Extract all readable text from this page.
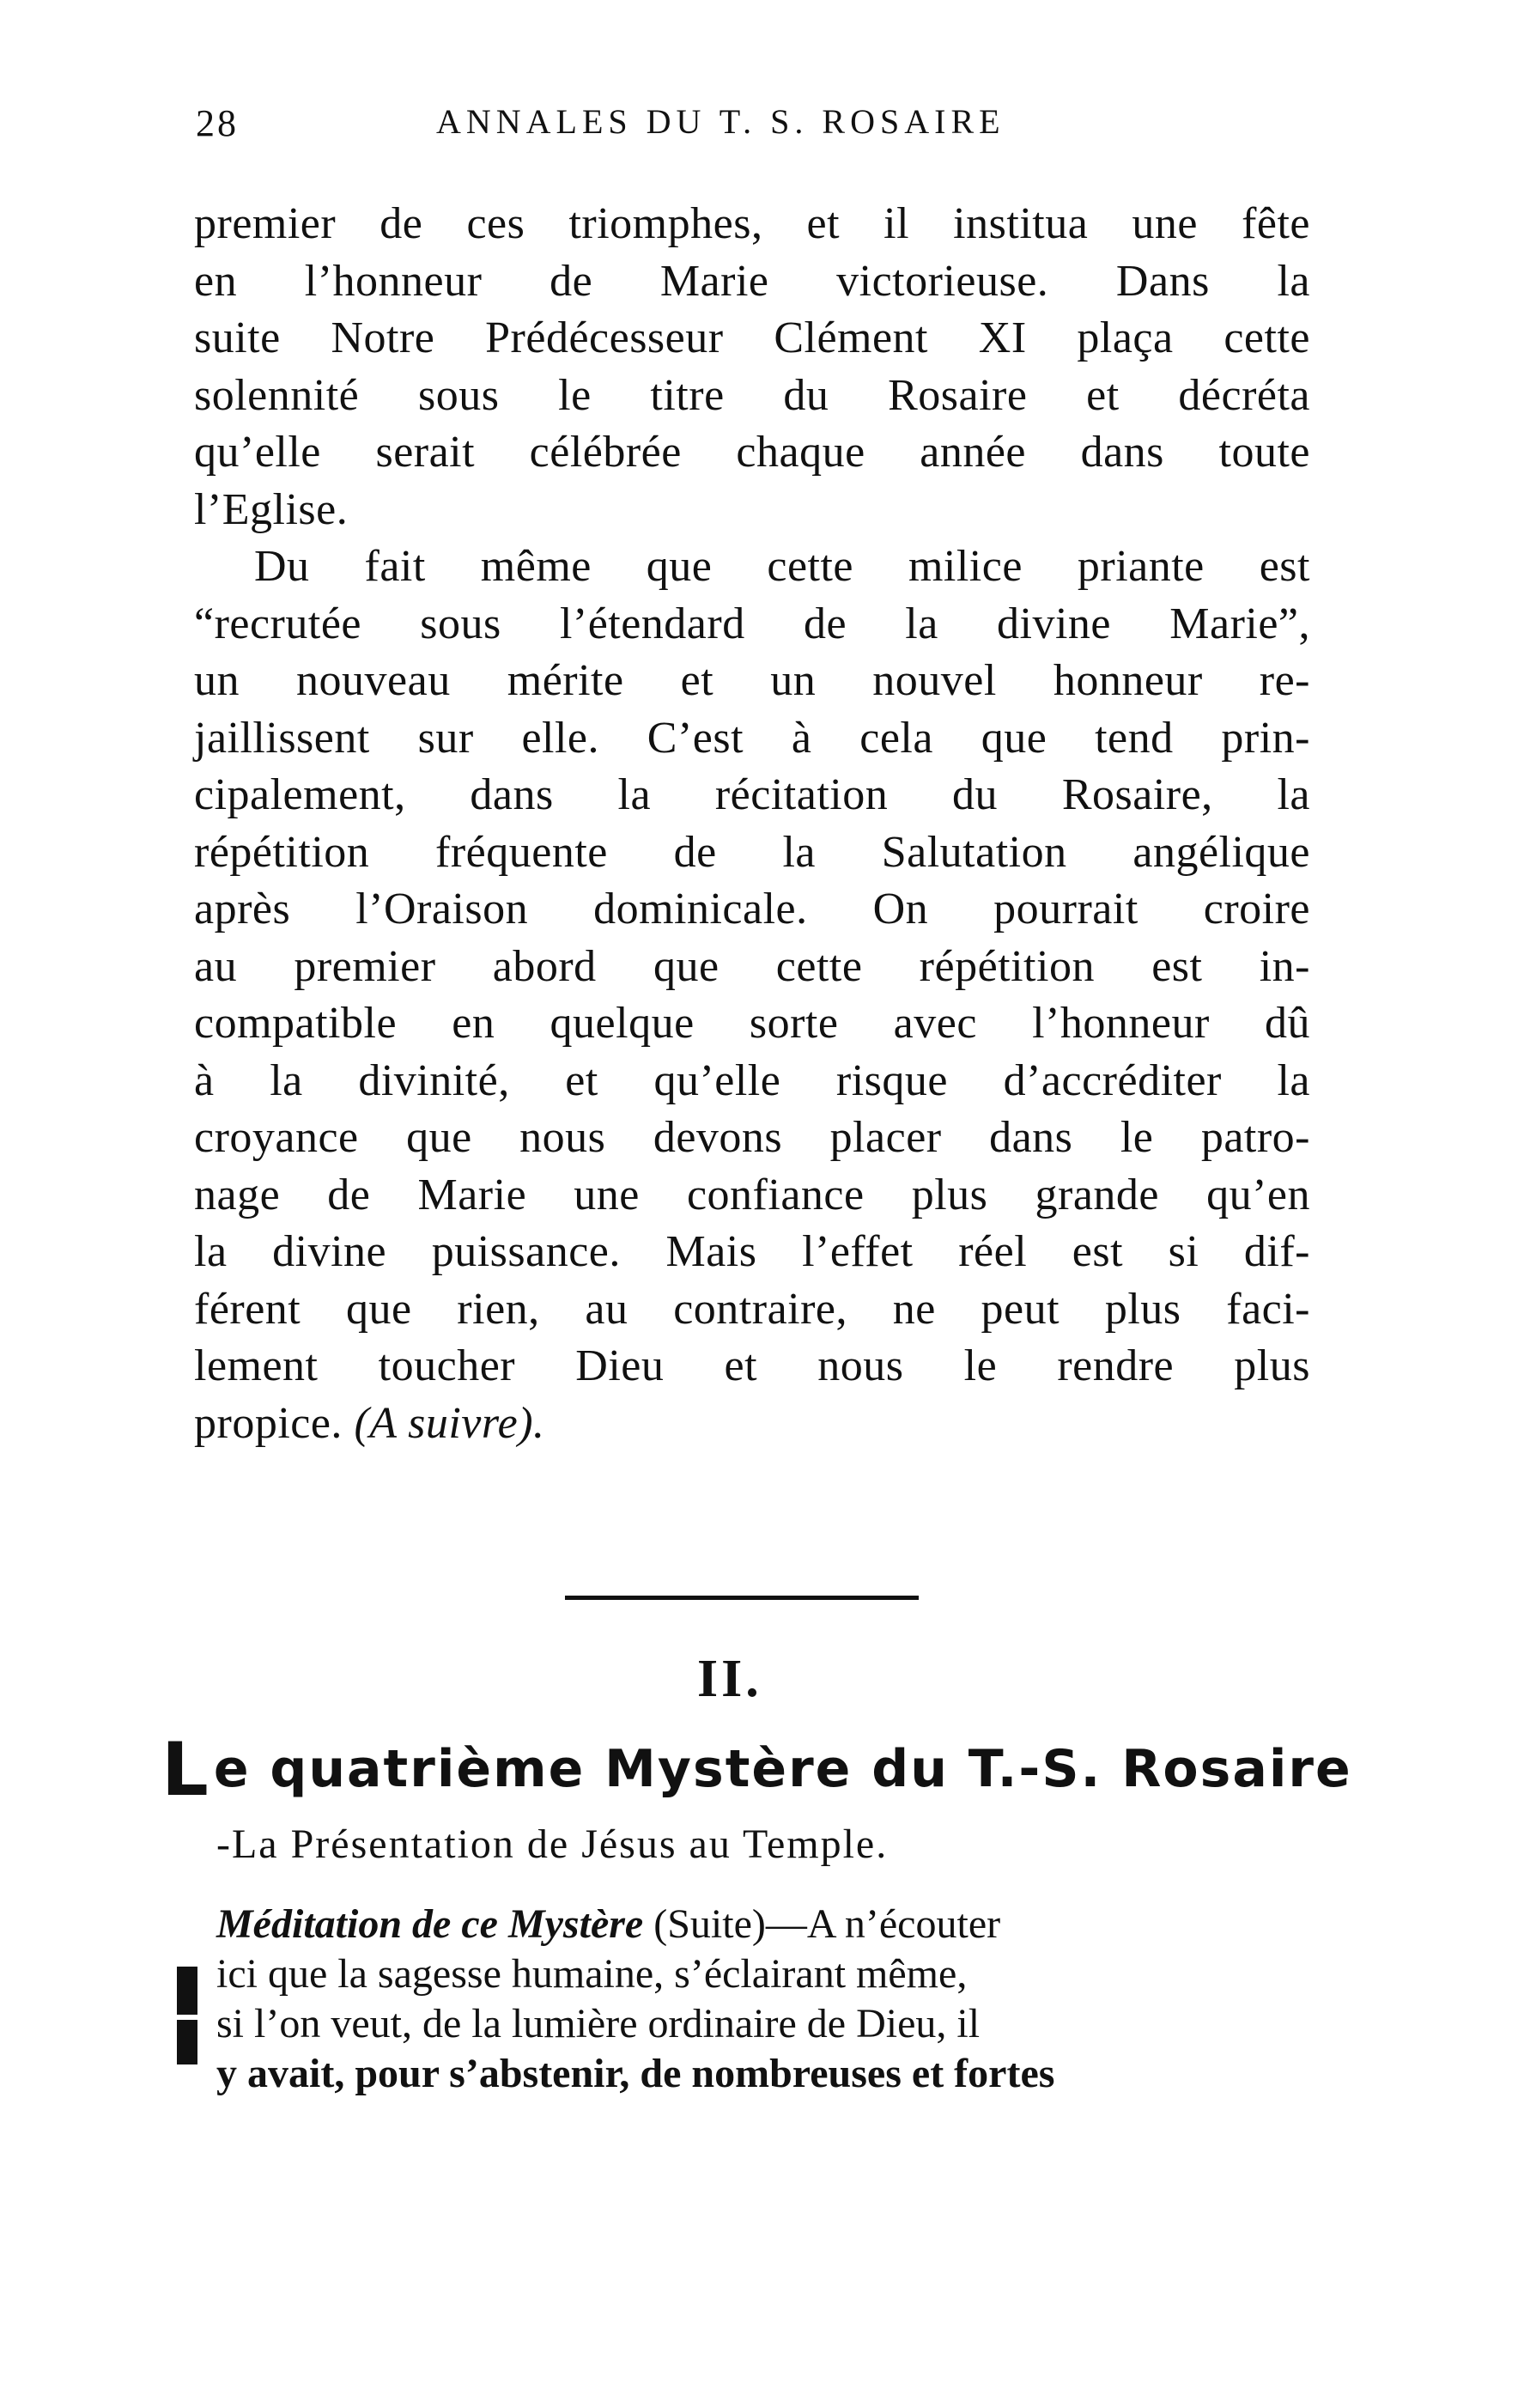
28	ANNALES DU T. S. ROSAIRE
premier de ces triomphes, et il institua une fête
en l’honneur de Marie victorieuse. Dans la
suite Notre Prédécesseur Clément XI plaça cette
solennité sous le titre du Rosaire et décréta
qu’elle serait célébrée chaque année dans toute
l’Eglise.
Du fait même que cette milice priante est
“recrutée sous l’étendard de la divine Marie”,
un nouveau mérite et un nouvel honneur re-
jaillissent sur elle. C’est à cela que tend prin-
cipalement, dans la récitation du Rosaire, la
répétition fréquente de la Salutation angélique
après l’Oraison dominicale. On pourrait croire
au premier abord que cette répétition est in-
compatible en quelque sorte avec l’honneur dû
à la divinité, et qu’elle risque d’accréditer la
croyance que nous devons placer dans le patro-
nage de Marie une confiance plus grande qu’en
la divine puissance. Mais l’effet réel est si dif-
férent que rien, au contraire, ne peut plus faci-
lement toucher Dieu et nous le rendre plus
propice. (A suivre).
II.
Le quatrième Mystère du T.-S. Rosaire
-La Présentation de Jésus au Temple.
Méditation de ce Mystère (Suite)—A n’écouter
ici que la sagesse humaine, s’éclairant même,
si l’on veut, de la lumière ordinaire de Dieu, il
y avait, pour s’abstenir, de nombreuses et fortes
